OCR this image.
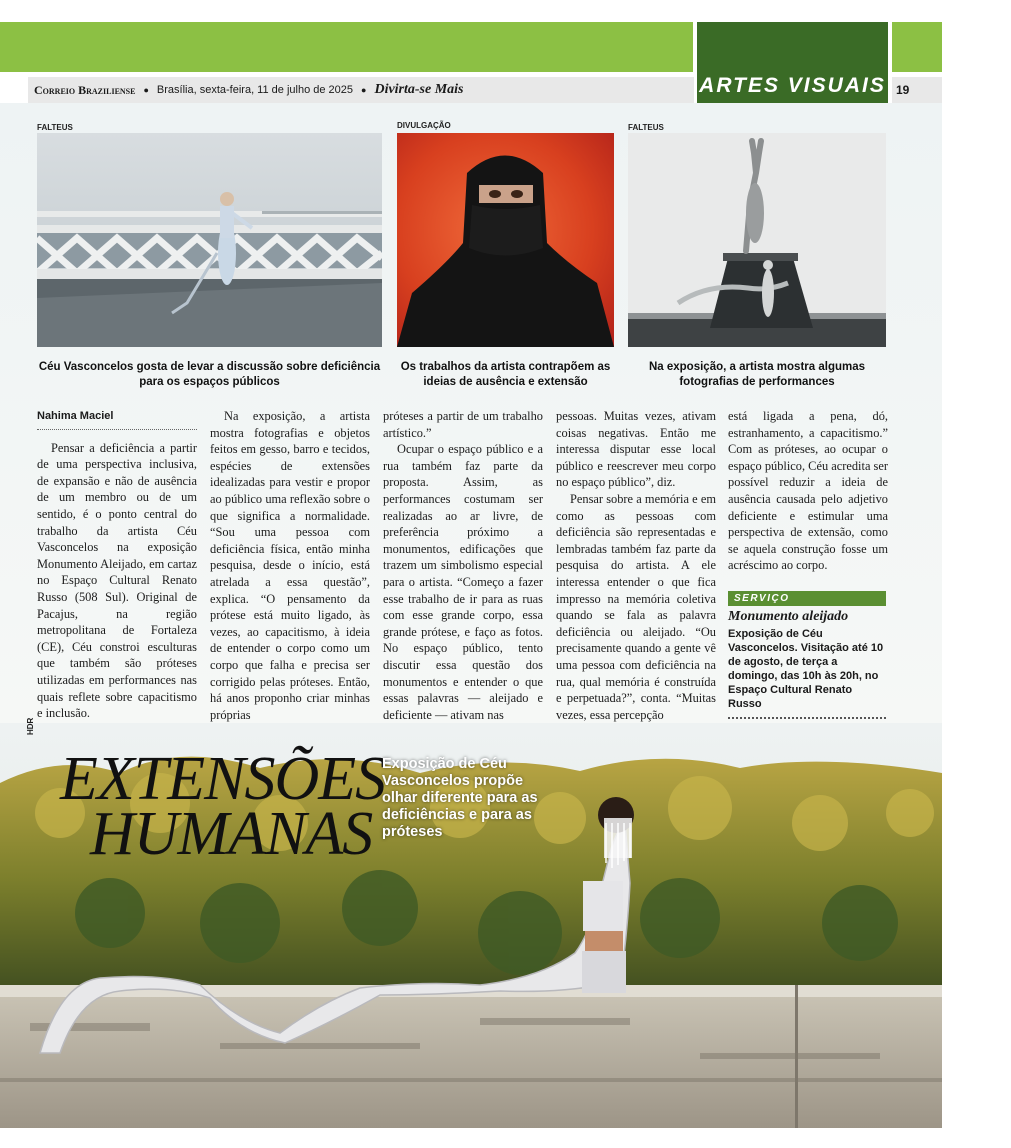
ARTES VISUAIS
Correio Braziliense ● Brasília, sexta-feira, 11 de julho de 2025 ● Divirta-se Mais	19
FALTEUS
Céu Vasconcelos gosta de levar a discussão sobre deficiência para os espaços públicos
DIVULGAÇÃO
Os trabalhos da artista contrapõem as ideias de ausência e extensão
FALTEUS
Na exposição, a artista mostra algumas fotografias de performances
Nahima Maciel

Pensar a deficiência a partir de uma perspectiva inclusiva, de expansão e não de ausência de um membro ou de um sentido, é o ponto central do trabalho da artista Céu Vasconcelos na exposição Monumento Aleijado, em cartaz no Espaço Cultural Renato Russo (508 Sul). Original de Pacajus, na região metropolitana de Fortaleza (CE), Céu constroi esculturas que também são próteses utilizadas em performances nas quais reflete sobre capacitismo e inclusão.

Na exposição, a artista mostra fotografias e objetos feitos em gesso, barro e tecidos, espécies de extensões idealizadas para vestir e propor ao público uma reflexão sobre o que significa a normalidade. “Sou uma pessoa com deficiência física, então minha pesquisa, desde o início, está atrelada a essa questão”, explica. “O pensamento da prótese está muito ligado, às vezes, ao capacitismo, à ideia de entender o corpo como um corpo que falha e precisa ser corrigido pelas próteses. Então, há anos proponho criar minhas próprias

próteses a partir de um trabalho artístico.”

Ocupar o espaço público e a rua também faz parte da proposta. Assim, as performances costumam ser realizadas ao ar livre, de preferência próximo a monumentos, edificações que trazem um simbolismo especial para o artista. “Começo a fazer esse trabalho de ir para as ruas com esse grande corpo, essa grande prótese, e faço as fotos. No espaço público, tento discutir essa questão dos monumentos e entender o que essas palavras — aleijado e deficiente — ativam nas

pessoas. Muitas vezes, ativam coisas negativas. Então me interessa disputar esse local público e reescrever meu corpo no espaço público”, diz.

Pensar sobre a memória e em como as pessoas com deficiência são representadas e lembradas também faz parte da pesquisa do artista. A ele interessa entender o que fica impresso na memória coletiva quando se fala as palavra deficiência ou aleijado. “Ou precisamente quando a gente vê uma pessoa com deficiência na rua, qual memória é construída e perpetuada?”, conta. “Muitas vezes, essa percepção

está ligada a pena, dó, estranhamento, a capacitismo.” Com as próteses, ao ocupar o espaço público, Céu acredita ser possível reduzir a ideia de ausência causada pelo adjetivo deficiente e estimular uma perspectiva de extensão, como se aquela construção fosse um acréscimo ao corpo.

SERVIÇO
Monumento aleijado
Exposição de Céu Vasconcelos. Visitação até 10 de agosto, de terça a domingo, das 10h às 20h, no Espaço Cultural Renato Russo
HDR
EXTENSÕES
HUMANAS
Exposição de Céu Vasconcelos propõe olhar diferente para as deficiências e para as próteses
